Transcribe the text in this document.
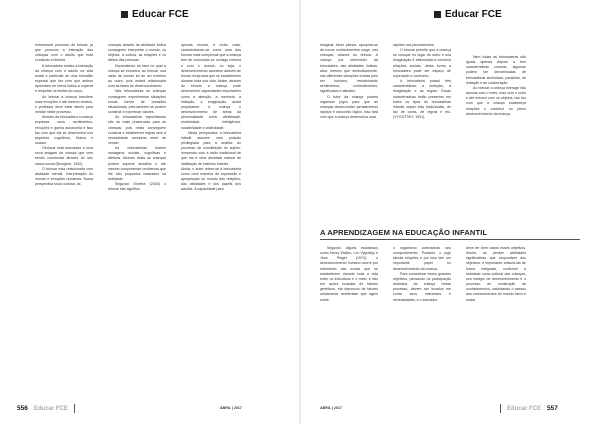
Educar FCE

entranessie processo de brincar, já que promove a interação das crianças com o adulto que está contando a história.

A brincadeira realiza a interação da criança com o adulto na vida social e particular de uma formatão especial que faz com que ambos aprendam de forma lúdica a superar e respeitar os limites do corpo.

Ao brincar a criança transfere suas emoções e até mesmo receios, o professor deve estar atento para mediar neste processo.

Através da brincadeira a criança expressa seus sentimentos, emoções e ganha autonomia e isso faz com que ela se desenvolva nos aspectos cognitivos, físicos e sociais.

Obrincar está associado a uma nova imagem da criança que vem sendo construída através do seu status social (Brougère, 1992).

O brincar esta relacionada com atividade mental, interpretação do mundo e emoções humanas. Numa perspectiva sócio cultural, as

crianças através da atividade lúdica conseguem interpretar o mundo, os objetos, a cultura, as relações e os afetos das pessoas.

Dependendo da fase no qual a criança se encontra, ao brincar, sua visão de mundo irá de um extremo ao outro, pois estará relacionada com as fases de desenvolvimento.

Nas brincadeiras as crianças conseguem experimentar situações novas isenta de pressões situacionais, pela também se podem construir e expressar valores.

As brincadeiras espontâneas são as mais prazerosas para as crianças, pois nelas conseguem construir e estabelecer regras sem a necessidade nenhuma entre de vencer.

As brincadeiras trazem vantagens sociais, cognitivas e afetivas. Através delas as crianças podem superar desafios e até mesmo compreender problemas que lhe são propostos baseados na realidade.

Segundo Oliveira (2000) o brincar não significa

apenas recrear, é muito mais, caracterizando-se como uma das formas mais complexas que a criança tem de comunicar-se consigo mesma e com o mundo, ou seja, o desenvolvimento acontece através de trocas recíprocas que se estabelecem durante toda sua vida. Assim, através do brincar a criança pode desenvolver capacidades importantes como a atenção, a memória, a imitação, a imaginação, ainda propiciando à criança o desenvolvimento de áreas da personalidade como afetividade, motricidade, inteligência, sociabilidade e criatividade.

Nesta perspectiva, a brincadeira infantil assume uma posição privilegiada para a análise do processo de constituição do sujeito, rompendo com a visão tradicional de que ela é uma atividade natural de satisfação de instintos infantis.

Ainda, o autor refere-se à brincadeira como uma maneira de expressão e apropriação do mundo das relações, das atividades e dos papéis dos adultos. A capacidade para

556 Educar FCE	ABRIL | 2017
Educar FCE

imaginar, fazer planos, apropriar-se de novos conhecimentos surge, nas crianças, através do brincar. A criança por intermédio da brincadeira, das atividades lúdicas, atua, mesmo que simbolicamente, nas diferentes situações vividas pelo ser humano, reelaborando sentimentos, conhecimentos, significados e atitudes.

O tutor da criança poderá organizar jogos para que as crianças desenvolvam pensamentos rápidos e raciocínio lógico. Isso fará com que a criança desenvolva uma

rapidez nos pensamentos.

O brincar permite que a criança se coloque no lugar do outro e sua imaginação é estimulada a construir relações sociais, desta forma a brincadeira pode ser espaço de superação e confronto.

A brincadeira possui três características: a imitação, a imaginação e as regras. Essas características estão presentes em todos os tipos de brincadeiras infantis sejam elas tradicionais, de faz de conta, de regras e etc. (VYGOTSKY, 1991).

Nem todas as brincadeiras são iguais apenas depois a tem características comuns, algumas podem ser denominadas de brincadeiras simbólicas, paralelas, de imitação e de colaboração.

Ao brincar a criança interage não apenas com o meio, mas com o outro e até mesmo com os objetos, isto faz com que a criança estabeleça relações e contribui no pleno desenvolvimento da criança.

A APRENDIZAGEM NA EDUCAÇÃO INFANTIL

Segundo alguns estudiosos como Henry Wallon, Lev Vygotsky e Jean Piaget (1974), o desenvolvimento humano ocorre por intermédio das trocas que se estabelecem durante toda a vida entre os indivíduos e o meio, e não em ações isoladas de fatores genéticos, ela depoucos de fatores unicamente ambientais que agem sobre

o organismo controlando seu comportamento. Portanto, o jogo simula relações e por isso tem um importante papel no desenvolvimento da criança.

Para concretizar esses grandes objetivos, pensando na participação dinâmica da criança nesse processo, devem ser levados em conta seus interesses e necessidades, e o educador

deve ter bem claros esses objetivos. Assim, ao pensar atividades significativas que respondam aos objetivos, é importante articulá-las de forma integrada, conforme a realidade sócio-cultural das crianças, seu estágio de desenvolvimento e o processo de construção de conhecimentos, valorizando o acesso aos conhecimentos do mundo físico e social.

ABRIL | 2017	Educar FCE 557
